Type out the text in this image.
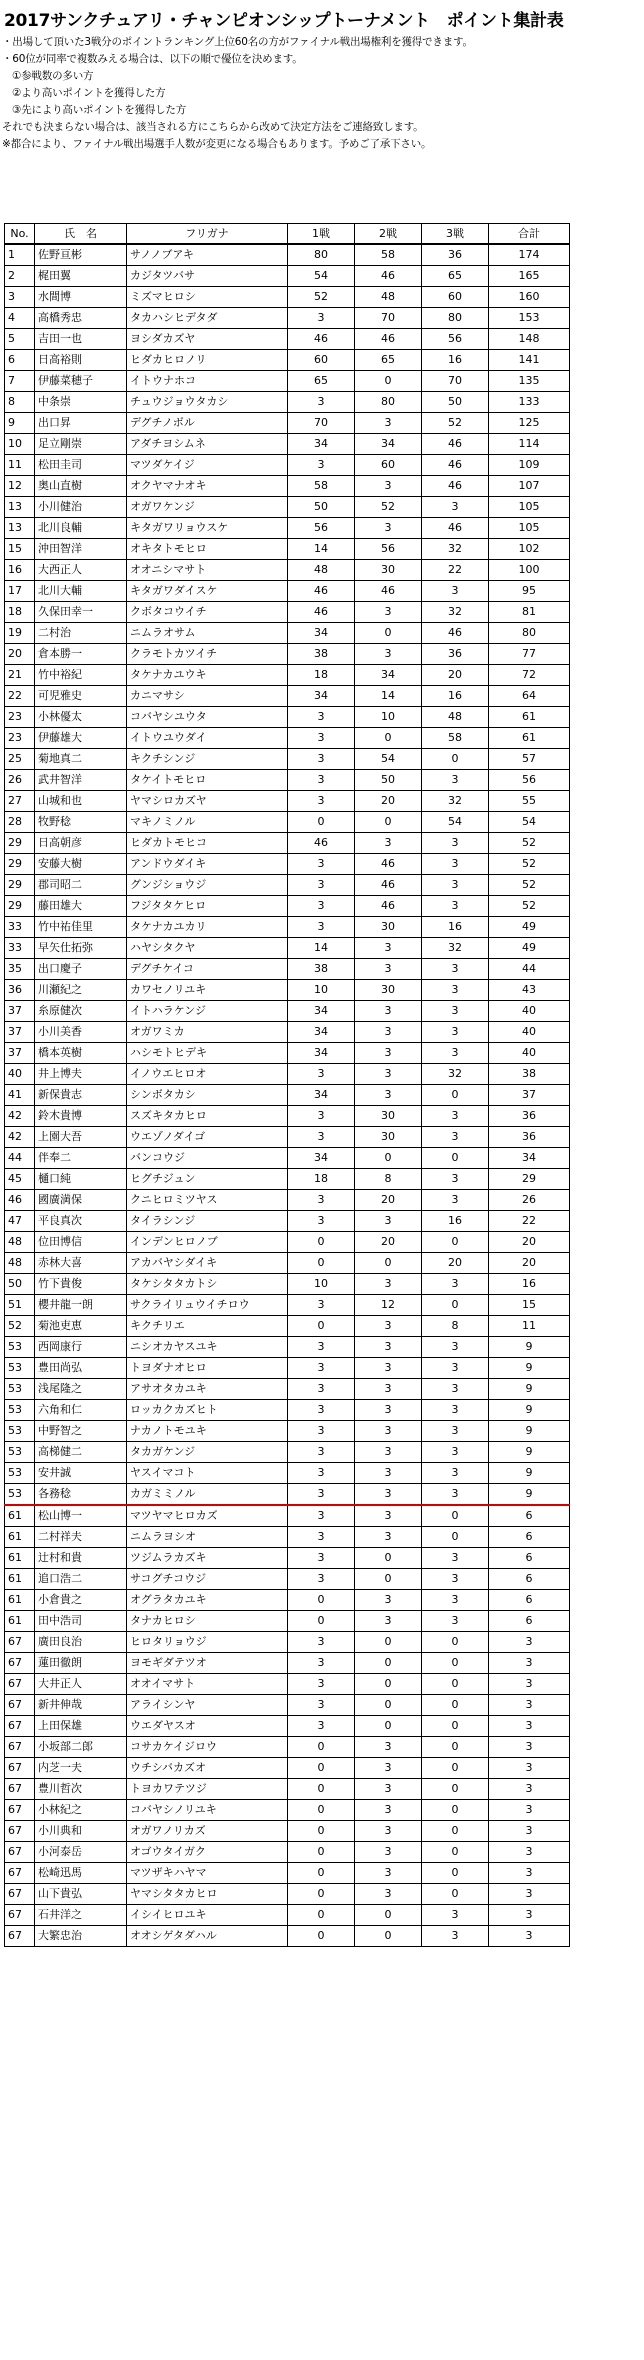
2017サンクチュアリ・チャンピオンシップトーナメント　ポイント集計表
・出場して頂いた3戦分のポイントランキング上位60名の方がファイナル戦出場権利を獲得できます。
・60位が同率で複数みえる場合は、以下の順で優位を決めます。
①参戦数の多い方
②より高いポイントを獲得した方
③先により高いポイントを獲得した方
それでも決まらない場合は、該当される方にこちらから改めて決定方法をご連絡致します。
※都合により、ファイナル戦出場選手人数が変更になる場合もあります。予めご了承下さい。
No.	氏　名	フリガナ	1戦	2戦	3戦	合計
1	佐野亘彬	サノノブアキ	80	58	36	174
2	梶田翼	カジタツバサ	54	46	65	165
3	水間博	ミズマヒロシ	52	48	60	160
4	高橋秀忠	タカハシヒデタダ	3	70	80	153
5	吉田一也	ヨシダカズヤ	46	46	56	148
6	日高裕則	ヒダカヒロノリ	60	65	16	141
7	伊藤菜穂子	イトウナホコ	65	0	70	135
8	中条崇	チュウジョウタカシ	3	80	50	133
9	出口昇	デグチノボル	70	3	52	125
10	足立剛崇	アダチヨシムネ	34	34	46	114
11	松田圭司	マツダケイジ	3	60	46	109
12	奥山直樹	オクヤマナオキ	58	3	46	107
13	小川健治	オガワケンジ	50	52	3	105
13	北川良輔	キタガワリョウスケ	56	3	46	105
15	沖田智洋	オキタトモヒロ	14	56	32	102
16	大西正人	オオニシマサト	48	30	22	100
17	北川大輔	キタガワダイスケ	46	46	3	95
18	久保田幸一	クボタコウイチ	46	3	32	81
19	二村治	ニムラオサム	34	0	46	80
20	倉本勝一	クラモトカツイチ	38	3	36	77
21	竹中裕紀	タケナカユウキ	18	34	20	72
22	可児雅史	カニマサシ	34	14	16	64
23	小林優太	コバヤシユウタ	3	10	48	61
23	伊藤雄大	イトウユウダイ	3	0	58	61
25	菊地真二	キクチシンジ	3	54	0	57
26	武井智洋	タケイトモヒロ	3	50	3	56
27	山城和也	ヤマシロカズヤ	3	20	32	55
28	牧野稔	マキノミノル	0	0	54	54
29	日高朝彦	ヒダカトモヒコ	46	3	3	52
29	安藤大樹	アンドウダイキ	3	46	3	52
29	郡司昭二	グンジショウジ	3	46	3	52
29	藤田雄大	フジタタケヒロ	3	46	3	52
33	竹中祐佳里	タケナカユカリ	3	30	16	49
33	早矢仕拓弥	ハヤシタクヤ	14	3	32	49
35	出口慶子	デグチケイコ	38	3	3	44
36	川瀬紀之	カワセノリユキ	10	30	3	43
37	糸原健次	イトハラケンジ	34	3	3	40
37	小川美香	オガワミカ	34	3	3	40
37	橋本英樹	ハシモトヒデキ	34	3	3	40
40	井上博夫	イノウエヒロオ	3	3	32	38
41	新保貴志	シンボタカシ	34	3	0	37
42	鈴木貴博	スズキタカヒロ	3	30	3	36
42	上園大吾	ウエゾノダイゴ	3	30	3	36
44	伴奉二	バンコウジ	34	0	0	34
45	樋口純	ヒグチジュン	18	8	3	29
46	國廣満保	クニヒロミツヤス	3	20	3	26
47	平良真次	タイラシンジ	3	3	16	22
48	位田博信	インデンヒロノブ	0	20	0	20
48	赤林大喜	アカバヤシダイキ	0	0	20	20
50	竹下貴俊	タケシタタカトシ	10	3	3	16
51	櫻井龍一朗	サクライリュウイチロウ	3	12	0	15
52	菊池吏恵	キクチリエ	0	3	8	11
53	西岡康行	ニシオカヤスユキ	3	3	3	9
53	豊田尚弘	トヨダナオヒロ	3	3	3	9
53	浅尾隆之	アサオタカユキ	3	3	3	9
53	六角和仁	ロッカクカズヒト	3	3	3	9
53	中野智之	ナカノトモユキ	3	3	3	9
53	高梯健二	タカガケンジ	3	3	3	9
53	安井誠	ヤスイマコト	3	3	3	9
53	各務稔	カガミミノル	3	3	3	9
61	松山博一	マツヤマヒロカズ	3	3	0	6
61	二村祥夫	ニムラヨシオ	3	3	0	6
61	辻村和貴	ツジムラカズキ	3	0	3	6
61	追口浩二	サコグチコウジ	3	0	3	6
61	小倉貴之	オグラタカユキ	0	3	3	6
61	田中浩司	タナカヒロシ	0	3	3	6
67	廣田良治	ヒロタリョウジ	3	0	0	3
67	蓮田徹朗	ヨモギダテツオ	3	0	0	3
67	大井正人	オオイマサト	3	0	0	3
67	新井伸哉	アライシンヤ	3	0	0	3
67	上田保雄	ウエダヤスオ	3	0	0	3
67	小坂部二郎	コサカケイジロウ	0	3	0	3
67	内芝一夫	ウチシバカズオ	0	3	0	3
67	豊川哲次	トヨカワテツジ	0	3	0	3
67	小林紀之	コバヤシノリユキ	0	3	0	3
67	小川典和	オガワノリカズ	0	3	0	3
67	小河泰岳	オゴウタイガク	0	3	0	3
67	松崎迅馬	マツザキハヤマ	0	3	0	3
67	山下貴弘	ヤマシタタカヒロ	0	3	0	3
67	石井洋之	イシイヒロユキ	0	0	3	3
67	大繁忠治	オオシゲタダハル	0	0	3	3
